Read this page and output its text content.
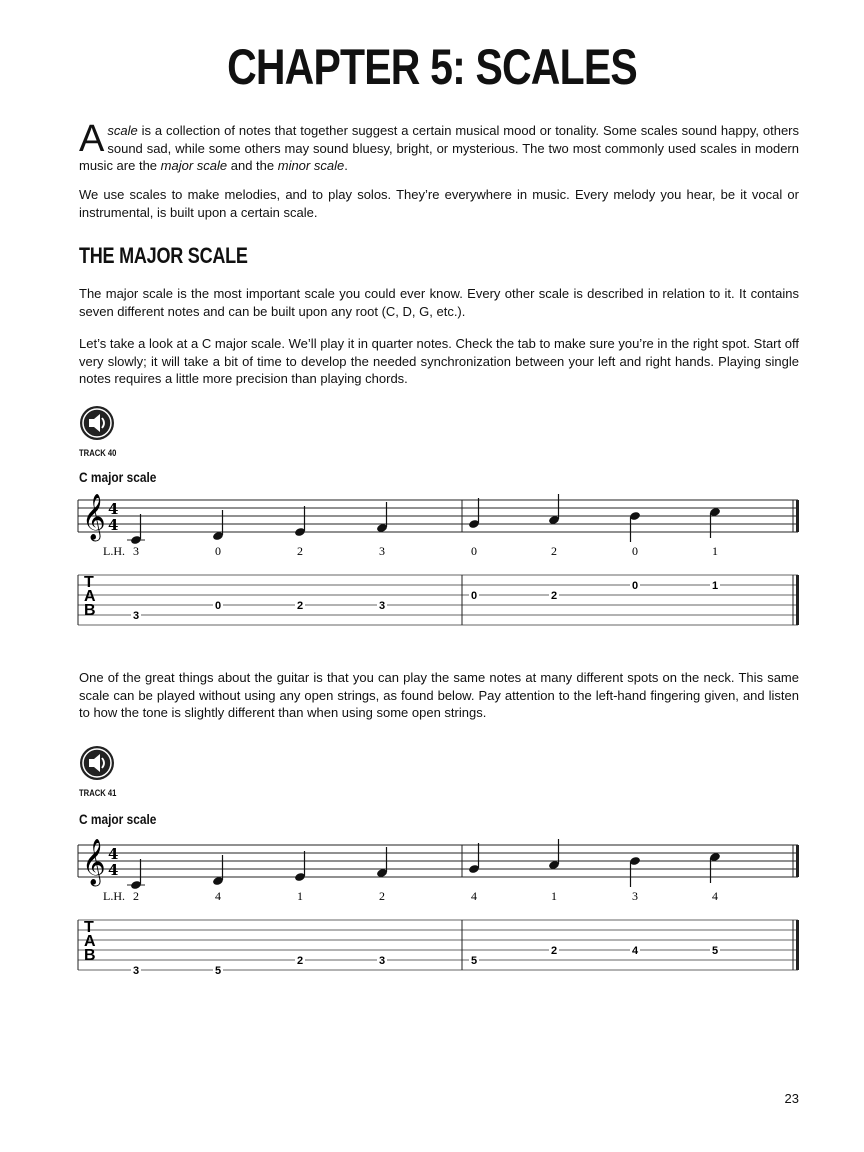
CHAPTER 5: SCALES

Ascale is a collection of notes that together suggest a certain musical mood or tonality. Some scales sound happy, others sound sad, while some others may sound bluesy, bright, or mysterious. The two most commonly used scales in modern music are the major scale and the minor scale.

We use scales to make melodies, and to play solos. They’re everywhere in music. Every melody you hear, be it vocal or instrumental, is built upon a certain scale.

THE MAJOR SCALE

The major scale is the most important scale you could ever know. Every other scale is described in relation to it. It contains seven different notes and can be built upon any root (C, D, G, etc.).

Let’s take a look at a C major scale. We’ll play it in quarter notes. Check the tab to make sure you’re in the right spot. Start off very slowly; it will take a bit of time to develop the needed synchronization between your left and right hands. Playing single notes requires a little more precision than playing chords.

TRACK 40
C major scale
𝄞 4
4
T
A
B
L.H. 3
3
0
0
2
2
3
3
0
0
2
2
0
0
1
1

One of the great things about the guitar is that you can play the same notes at many different spots on the neck. This same scale can be played without using any open strings, as found below. Pay attention to the left-hand fingering given, and listen to how the tone is slightly different than when using some open strings.

TRACK 41
C major scale
𝄞 4
4
T
A
B
L.H. 2
3
4
5
1
2
2
3
4
5
1
2
3
4
4
5
23
